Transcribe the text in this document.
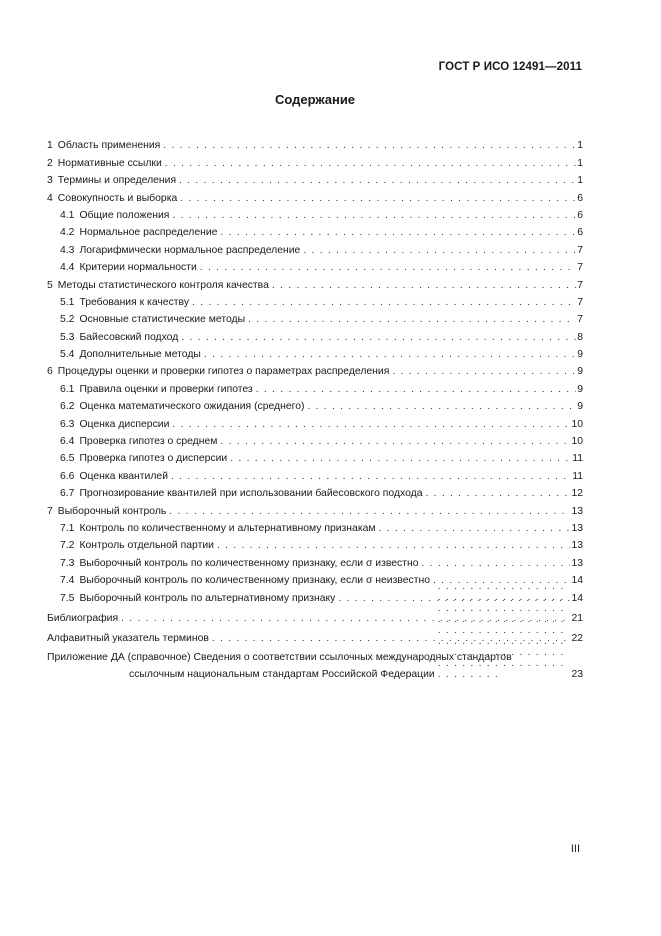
ГОСТ Р ИСО 12491—2011
Содержание
1 Область применения . . .	1
2 Нормативные ссылки . . .	1
3 Термины и определения . . .	1
4 Совокупность и выборка . . .	6
4.1 Общие положения . . .	6
4.2 Нормальное распределение . . .	6
4.3 Логарифмически нормальное распределение . . .	7
4.4 Критерии нормальности . . .	7
5 Методы статистического контроля качества . . .	7
5.1 Требования к качеству . . .	7
5.2 Основные статистические методы . . .	7
5.3 Байесовский подход . . .	8
5.4 Дополнительные методы . . .	9
6 Процедуры оценки и проверки гипотез о параметрах распределения . . .	9
6.1 Правила оценки и проверки гипотез . . .	9
6.2 Оценка математического ожидания (среднего) . . .	9
6.3 Оценка дисперсии . . .	10
6.4 Проверка гипотез о среднем . . .	10
6.5 Проверка гипотез о дисперсии . . .	11
6.6 Оценка квантилей . . .	11
6.7 Прогнозирование квантилей при использовании байесовского подхода . . .	12
7 Выборочный контроль . . .	13
7.1 Контроль по количественному и альтернативному признакам . . .	13
7.2 Контроль отдельной партии . . .	13
7.3 Выборочный контроль по количественному признаку, если σ известно . . .	13
7.4 Выборочный контроль по количественному признаку, если σ неизвестно . . .	14
7.5 Выборочный контроль по альтернативному признаку . . .	14
Библиография . . .	21
Алфавитный указатель терминов . . .	22
Приложение ДА (справочное) Сведения о соответствии ссылочных международных стандартов
ссылочным национальным стандартам Российской Федерации . . .	23
III
